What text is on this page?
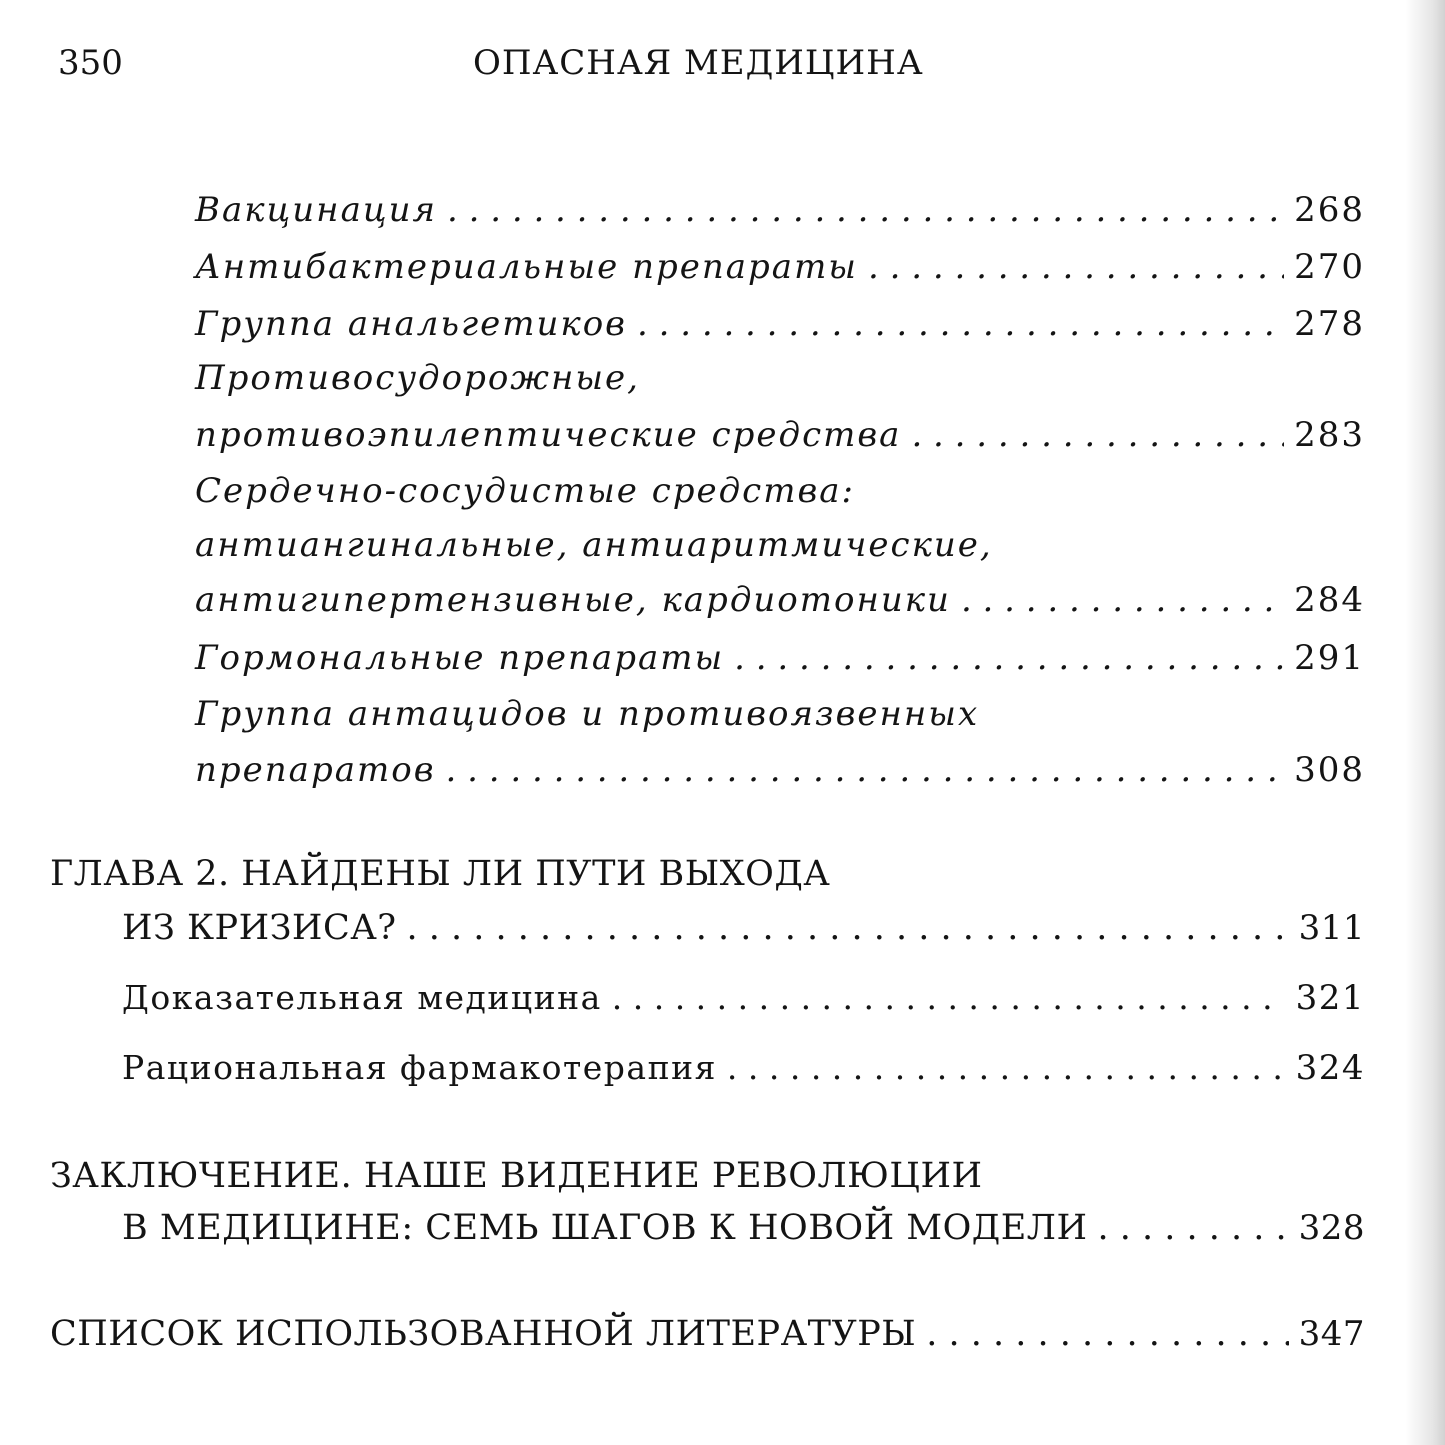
350	ОПАСНАЯ МЕДИЦИНА
Вакцинация . . .	268
Антибактериальные препараты . . .	270
Группа анальгетиков . . .	278
Противосудорожные,
противоэпилептические средства . . .	283
Сердечно-сосудистые средства:
антиангинальные, антиаритмические,
антигипертензивные, кардиотоники . . .	284
Гормональные препараты . . .	291
Группа антацидов и противоязвенных
препаратов . . .	308
ГЛАВА 2. НАЙДЕНЫ ЛИ ПУТИ ВЫХОДА
ИЗ КРИЗИСА? . . .	311
Доказательная медицина . . .	321
Рациональная фармакотерапия . . .	324
ЗАКЛЮЧЕНИЕ. НАШЕ ВИДЕНИЕ РЕВОЛЮЦИИ
В МЕДИЦИНЕ: СЕМЬ ШАГОВ К НОВОЙ МОДЕЛИ . . .	328
СПИСОК ИСПОЛЬЗОВАННОЙ ЛИТЕРАТУРЫ . . .	347
